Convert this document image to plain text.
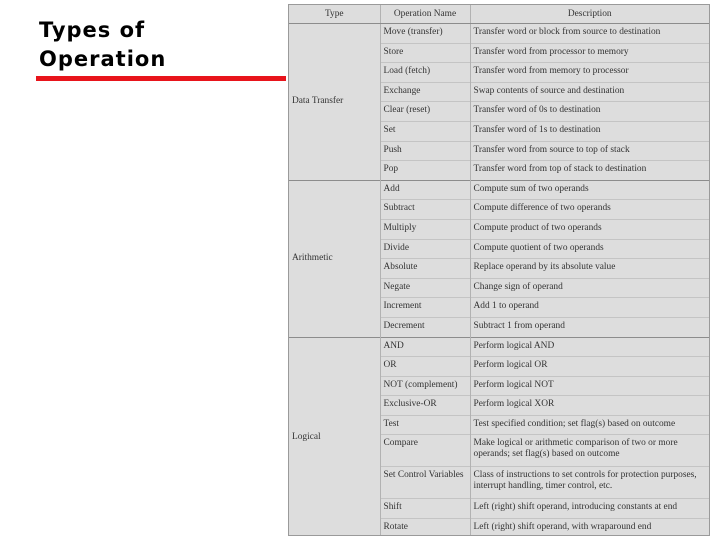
Types of
Operation
Type	Operation Name	Description
Data Transfer	Move (transfer)	Transfer word or block from source to destination

	Store	Transfer word from processor to memory

	Load (fetch)	Transfer word from memory to processor

	Exchange	Swap contents of source and destination

	Clear (reset)	Transfer word of 0s to destination

	Set	Transfer word of 1s to destination

	Push	Transfer word from source to top of stack

	Pop	Transfer word from top of stack to destination

Arithmetic	Add	Compute sum of two operands

	Subtract	Compute difference of two operands

	Multiply	Compute product of two operands

	Divide	Compute quotient of two operands

	Absolute	Replace operand by its absolute value

	Negate	Change sign of operand

	Increment	Add 1 to operand

	Decrement	Subtract 1 from operand

Logical	AND	Perform logical AND

	OR	Perform logical OR

	NOT (complement)	Perform logical NOT

	Exclusive-OR	Perform logical XOR

	Test	Test specified condition; set flag(s) based on outcome

	Compare	Make logical or arithmetic comparison of two or more operands; set flag(s) based on outcome

	Set Control Variables	Class of instructions to set controls for protection purposes, interrupt handling, timer control, etc.

	Shift	Left (right) shift operand, introducing constants at end

	Rotate	Left (right) shift operand, with wraparound end
